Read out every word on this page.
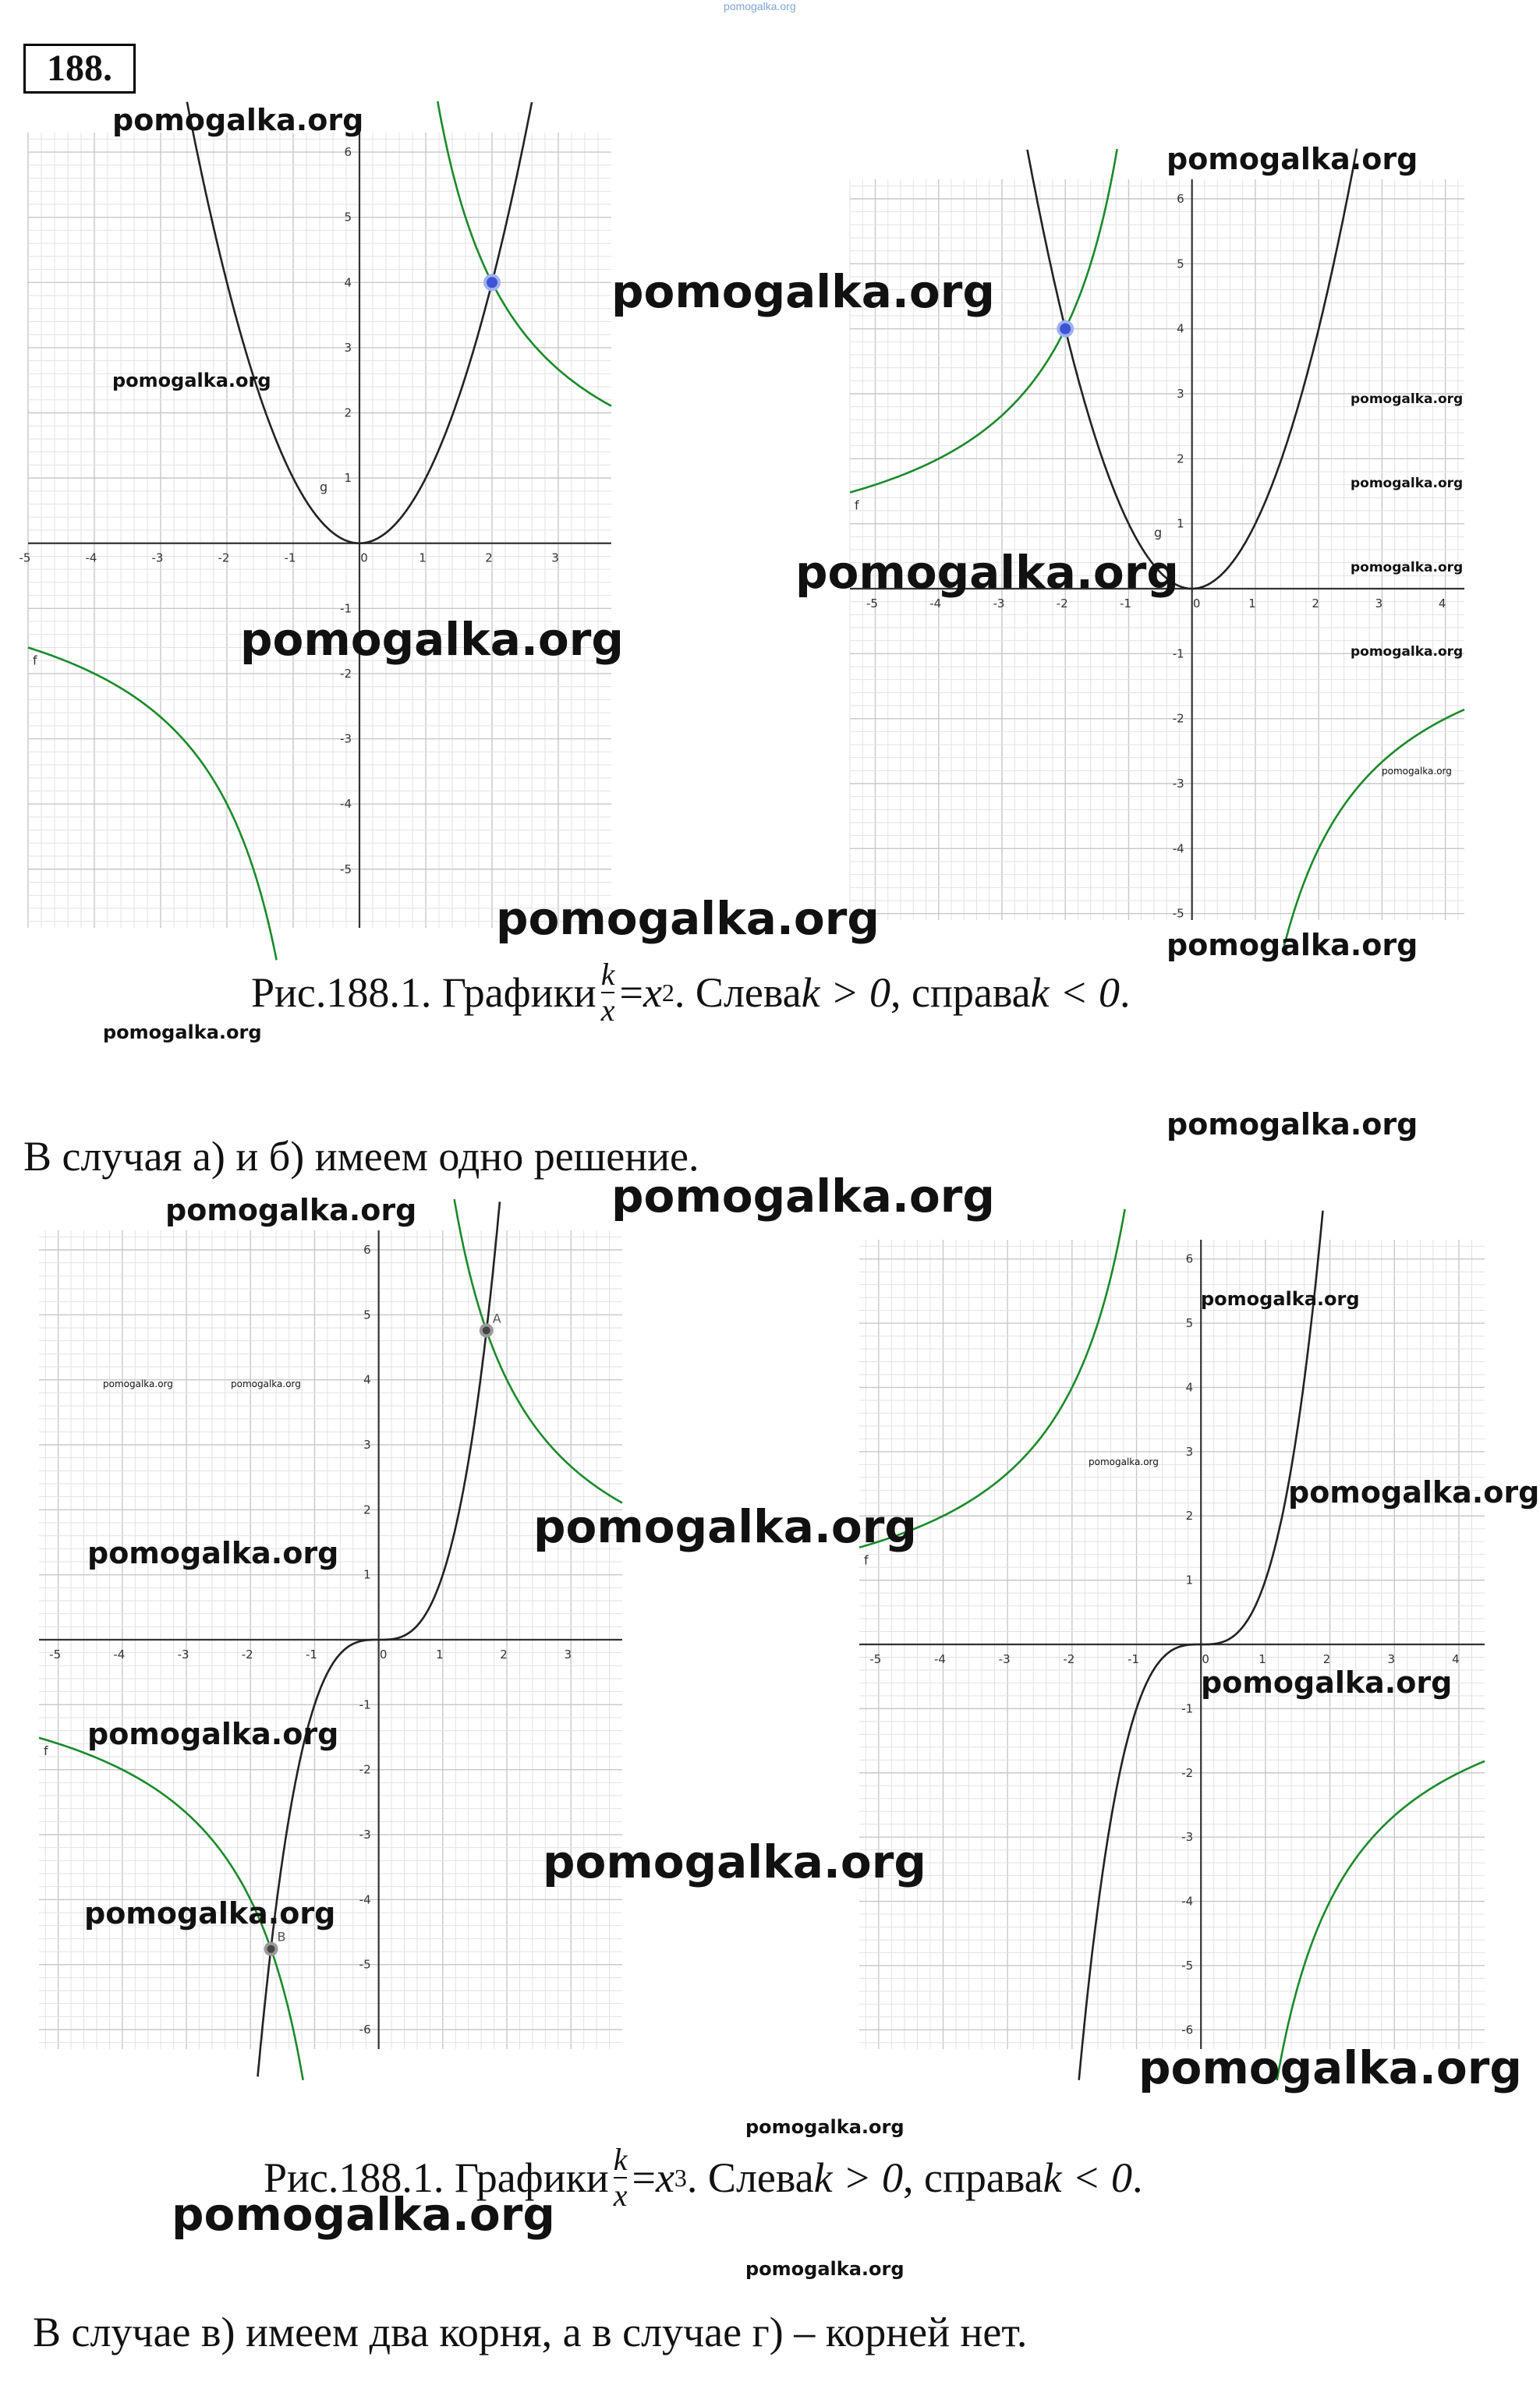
pomogalka.org
188.
-5	-4	-3	-2	-1	0	1	2	3
-5
-4
-3
-2
-1
1
2
3
4
5
6
f
g
-5	-4	-3	-2	-1	0	1	2	3	4
-5
-4
-3
-2
-1
1
2
3
4
5
6
f
g
-5	-4	-3	-2	-1	0	1	2	3
-6
-5
-4
-3
-2
-1
1
2
3
4
5
6
f
A
B
-5	-4	-3	-2	-1	0	1	2	3	4
-6
-5
-4
-3
-2
-1
1
2
3
4
5
6
f
Рис.188.1. Графики $\frac{k}{x} = x$ 2 . Слева k > 0 , справа k < 0 .
В случая а) и б) имеем одно решение.
Рис.188.1. Графики $\frac{k}{x} = x$ 3 . Слева k > 0 , справа k < 0 .
В случае в) имеем два корня, а в случае г) – корней нет.
pomogalka.org
pomogalka.org
pomogalka.org
pomogalka.org
pomogalka.org
pomogalka.org
pomogalka.org
pomogalka.org
pomogalka.org	pomogalka.org
pomogalka.org
pomogalka.org	pomogalka.org
pomogalka.org
pomogalka.org
pomogalka.org
pomogalka.org
pomogalka.org
pomogalka.org	pomogalka.org
pomogalka.org
pomogalka.org
pomogalka.org
pomogalka.org
pomogalka.org
pomogalka.org
pomogalka.org
pomogalka.org
pomogalka.org
pomogalka.org
pomogalka.org
pomogalka.org
